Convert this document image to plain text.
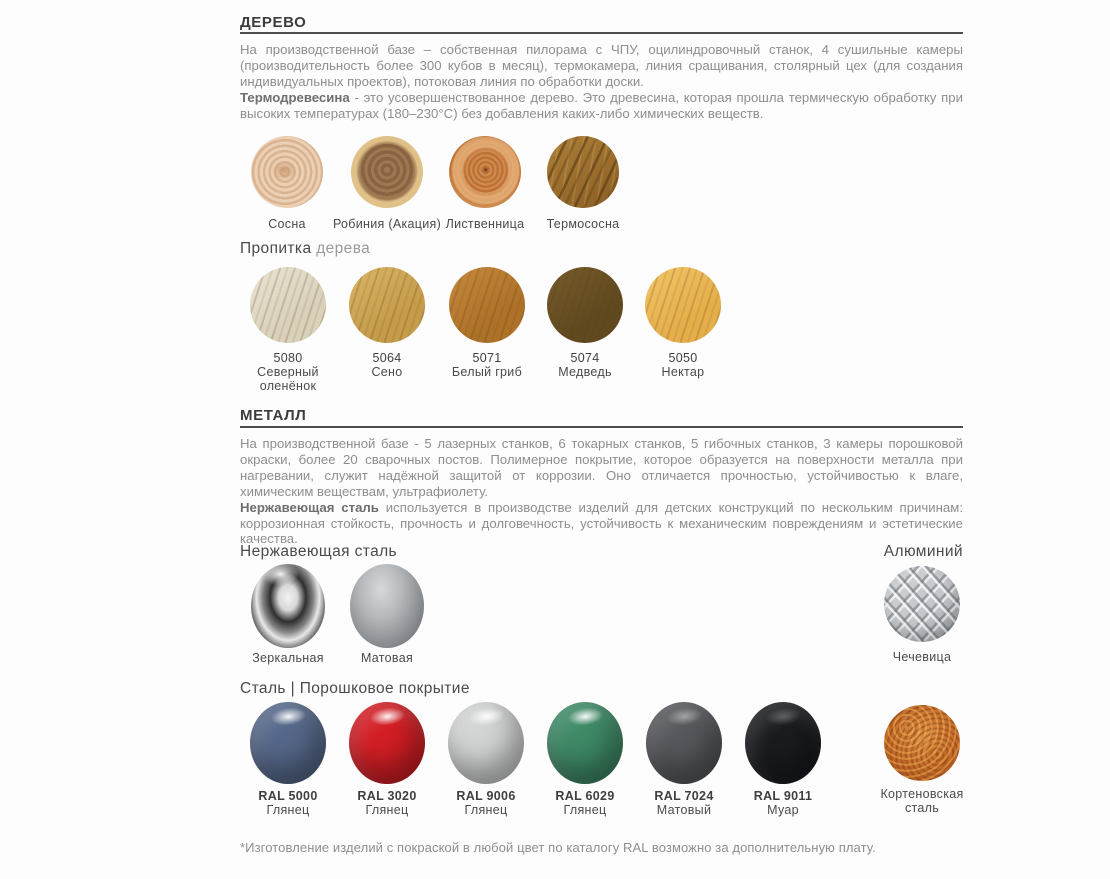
ДЕРЕВО

На производственной базе – собственная пилорама с ЧПУ, оцилиндровочный станок, 4 сушильные камеры (производительность более 300 кубов в месяц), термокамера, линия сращивания, столярный цех (для создания индивидуальных проектов), потоковая линия по обработки доски.

Термодревесина - это усовершенствованное дерево. Это древесина, которая прошла термическую обработку при высоких температурах (180–230°С) без добавления каких-либо химических веществ.

Сосна	Робиния (Акация) Лиственница	Термососна
Пропитка дерева
5080
Северный оленёнок
5064
Сено
5071
Белый гриб
5074
Медведь
5050
Нектар
МЕТАЛЛ

На производственной базе - 5 лазерных станков, 6 токарных станков, 5 гибочных станков, 3 камеры порошковой окраски, более 20 сварочных постов. Полимерное покрытие, которое образуется на поверхности металла при нагревании, служит надёжной защитой от коррозии. Оно отличается прочностью, устойчивостью к влаге, химическим веществам, ультрафиолету.

Нержавеющая сталь используется в производстве изделий для детских конструкций по нескольким причинам: коррозионная стойкость, прочность и долговечность, устойчивость к механическим повреждениям и эстетические качества.

Нержавеющая сталь	Алюминий
Зеркальная	Матовая	Чечевица
Сталь | Порошковое покрытие
RAL 5000
Глянец
RAL 3020
Глянец
RAL 9006
Глянец
RAL 6029
Глянец
RAL 7024
Матовый
RAL 9011
Муар
Кортеновская
сталь
*Изготовление изделий с покраской в любой цвет по каталогу RAL возможно за дополнительную плату.
